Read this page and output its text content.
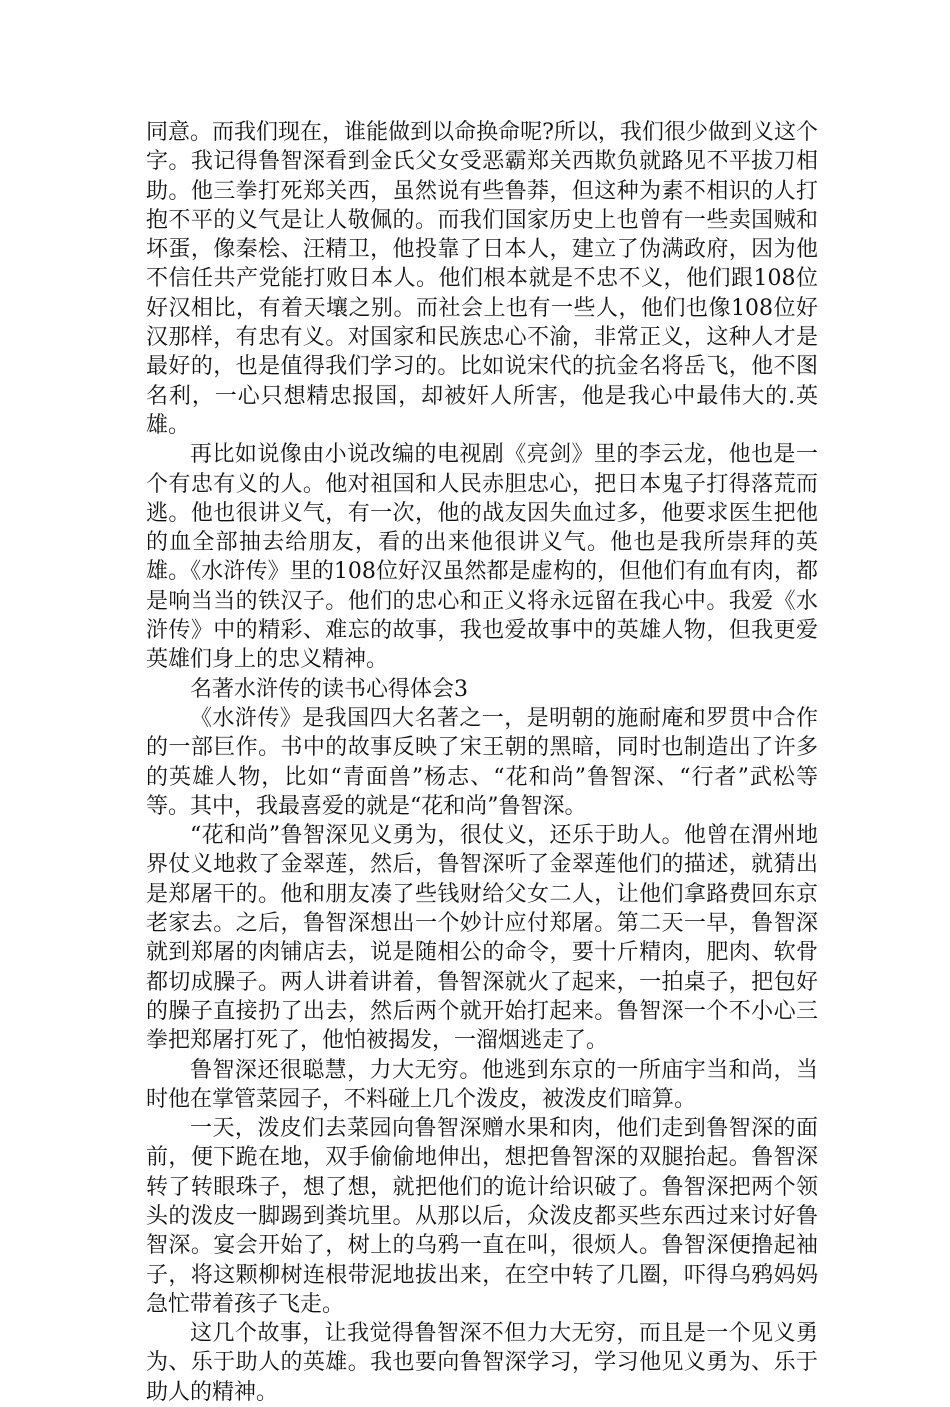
同意。而我们现在，谁能做到以命换命呢?所以，我们很少做到义这个字。我记得鲁智深看到金氏父女受恶霸郑关西欺负就路见不平拔刀相助。他三拳打死郑关西，虽然说有些鲁莽，但这种为素不相识的人打抱不平的义气是让人敬佩的。而我们国家历史上也曾有一些卖国贼和坏蛋，像秦桧、汪精卫，他投靠了日本人，建立了伪满政府，因为他不信任共产党能打败日本人。他们根本就是不忠不义，他们跟108位好汉相比，有着天壤之别。而社会上也有一些人，他们也像108位好汉那样，有忠有义。对国家和民族忠心不渝，非常正义，这种人才是最好的，也是值得我们学习的。比如说宋代的抗金名将岳飞，他不图名利，一心只想精忠报国，却被奸人所害，他是我心中最伟大的.英雄。

再比如说像由小说改编的电视剧《亮剑》里的李云龙，他也是一个有忠有义的人。他对祖国和人民赤胆忠心，把日本鬼子打得落荒而逃。他也很讲义气，有一次，他的战友因失血过多，他要求医生把他的血全部抽去给朋友，看的出来他很讲义气。他也是我所崇拜的英雄。《水浒传》里的108位好汉虽然都是虚构的，但他们有血有肉，都是响当当的铁汉子。他们的忠心和正义将永远留在我心中。我爱《水浒传》中的精彩、难忘的故事，我也爱故事中的英雄人物，但我更爱英雄们身上的忠义精神。

名著水浒传的读书心得体会3

《水浒传》是我国四大名著之一，是明朝的施耐庵和罗贯中合作的一部巨作。书中的故事反映了宋王朝的黑暗，同时也制造出了许多的英雄人物，比如“青面兽”杨志、“花和尚”鲁智深、“行者”武松等等。其中，我最喜爱的就是“花和尚”鲁智深。

“花和尚”鲁智深见义勇为，很仗义，还乐于助人。他曾在渭州地界仗义地救了金翠莲，然后，鲁智深听了金翠莲他们的描述，就猜出是郑屠干的。他和朋友凑了些钱财给父女二人，让他们拿路费回东京老家去。之后，鲁智深想出一个妙计应付郑屠。第二天一早，鲁智深就到郑屠的肉铺店去，说是随相公的命令，要十斤精肉，肥肉、软骨都切成臊子。两人讲着讲着，鲁智深就火了起来，一拍桌子，把包好的臊子直接扔了出去，然后两个就开始打起来。鲁智深一个不小心三拳把郑屠打死了，他怕被揭发，一溜烟逃走了。

鲁智深还很聪慧，力大无穷。他逃到东京的一所庙宇当和尚，当时他在掌管菜园子，不料碰上几个泼皮，被泼皮们暗算。

一天，泼皮们去菜园向鲁智深赠水果和肉，他们走到鲁智深的面前，便下跪在地，双手偷偷地伸出，想把鲁智深的双腿抬起。鲁智深转了转眼珠子，想了想，就把他们的诡计给识破了。鲁智深把两个领头的泼皮一脚踢到粪坑里。从那以后，众泼皮都买些东西过来讨好鲁智深。宴会开始了，树上的乌鸦一直在叫，很烦人。鲁智深便撸起袖子，将这颗柳树连根带泥地拔出来，在空中转了几圈，吓得乌鸦妈妈急忙带着孩子飞走。

这几个故事，让我觉得鲁智深不但力大无穷，而且是一个见义勇为、乐于助人的英雄。我也要向鲁智深学习，学习他见义勇为、乐于助人的精神。
